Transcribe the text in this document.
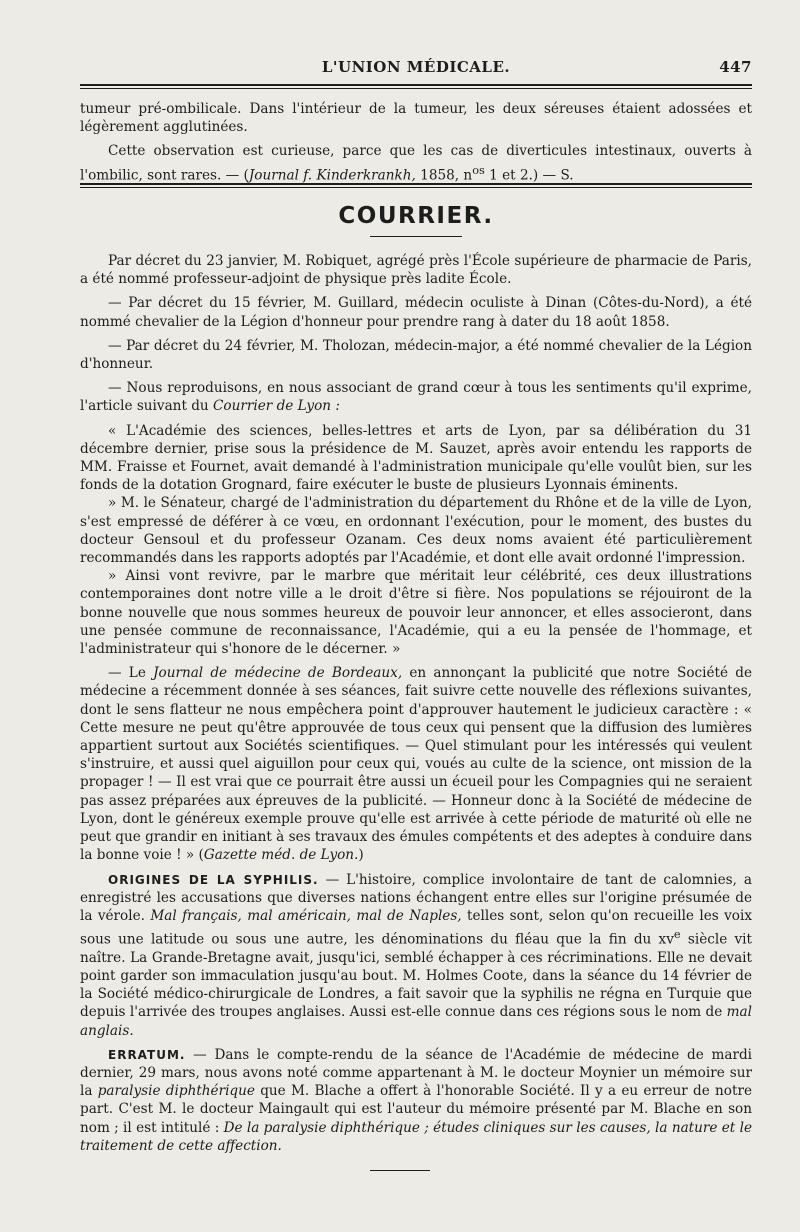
L'UNION MÉDICALE.	447

tumeur pré-ombilicale. Dans l'intérieur de la tumeur, les deux séreuses étaient adossées et légèrement agglutinées.

Cette observation est curieuse, parce que les cas de diverticules intestinaux, ouverts à l'ombilic, sont rares. — (Journal f. Kinderkrankh, 1858, $n^{os}$ 1 et 2.) — S.

COURRIER.

Par décret du 23 janvier, M. Robiquet, agrégé près l'École supérieure de pharmacie de Paris, a été nommé professeur-adjoint de physique près ladite École.

— Par décret du 15 février, M. Guillard, médecin oculiste à Dinan (Côtes-du-Nord), a été nommé chevalier de la Légion d'honneur pour prendre rang à dater du 18 août 1858.

— Par décret du 24 février, M. Tholozan, médecin-major, a été nommé chevalier de la Légion d'honneur.

— Nous reproduisons, en nous associant de grand cœur à tous les sentiments qu'il exprime, l'article suivant du Courrier de Lyon :

« L'Académie des sciences, belles-lettres et arts de Lyon, par sa délibération du 31 décembre dernier, prise sous la présidence de M. Sauzet, après avoir entendu les rapports de MM. Fraisse et Fournet, avait demandé à l'administration municipale qu'elle voulût bien, sur les fonds de la dotation Grognard, faire exécuter le buste de plusieurs Lyonnais éminents.

» M. le Sénateur, chargé de l'administration du département du Rhône et de la ville de Lyon, s'est empressé de déférer à ce vœu, en ordonnant l'exécution, pour le moment, des bustes du docteur Gensoul et du professeur Ozanam. Ces deux noms avaient été particulièrement recommandés dans les rapports adoptés par l'Académie, et dont elle avait ordonné l'impression.

» Ainsi vont revivre, par le marbre que méritait leur célébrité, ces deux illustrations contemporaines dont notre ville a le droit d'être si fière. Nos populations se réjouiront de la bonne nouvelle que nous sommes heureux de pouvoir leur annoncer, et elles associeront, dans une pensée commune de reconnaissance, l'Académie, qui a eu la pensée de l'hommage, et l'administrateur qui s'honore de le décerner. »

— Le Journal de médecine de Bordeaux, en annonçant la publicité que notre Société de médecine a récemment donnée à ses séances, fait suivre cette nouvelle des réflexions suivantes, dont le sens flatteur ne nous empêchera point d'approuver hautement le judicieux caractère : « Cette mesure ne peut qu'être approuvée de tous ceux qui pensent que la diffusion des lumières appartient surtout aux Sociétés scientifiques. — Quel stimulant pour les intéressés qui veulent s'instruire, et aussi quel aiguillon pour ceux qui, voués au culte de la science, ont mission de la propager ! — Il est vrai que ce pourrait être aussi un écueil pour les Compagnies qui ne seraient pas assez préparées aux épreuves de la publicité. — Honneur donc à la Société de médecine de Lyon, dont le généreux exemple prouve qu'elle est arrivée à cette période de maturité où elle ne peut que grandir en initiant à ses travaux des émules compétents et des adeptes à conduire dans la bonne voie ! » (Gazette méd. de Lyon.)

ORIGINES DE LA SYPHILIS. — L'histoire, complice involontaire de tant de calomnies, a enregistré les accusations que diverses nations échangent entre elles sur l'origine présumée de la vérole. Mal français, mal américain, mal de Naples, telles sont, selon qu'on recueille les voix sous une latitude ou sous une autre, les dénominations du fléau que la fin du $xv^e$ siècle vit naître. La Grande-Bretagne avait, jusqu'ici, semblé échapper à ces récriminations. Elle ne devait point garder son immaculation jusqu'au bout. M. Holmes Coote, dans la séance du 14 février de la Société médico-chirurgicale de Londres, a fait savoir que la syphilis ne régna en Turquie que depuis l'arrivée des troupes anglaises. Aussi est-elle connue dans ces régions sous le nom de mal anglais.

ERRATUM. — Dans le compte-rendu de la séance de l'Académie de médecine de mardi dernier, 29 mars, nous avons noté comme appartenant à M. le docteur Moynier un mémoire sur la paralysie diphthérique que M. Blache a offert à l'honorable Société. Il y a eu erreur de notre part. C'est M. le docteur Maingault qui est l'auteur du mémoire présenté par M. Blache en son nom ; il est intitulé : De la paralysie diphthérique ; études cliniques sur les causes, la nature et le traitement de cette affection.
